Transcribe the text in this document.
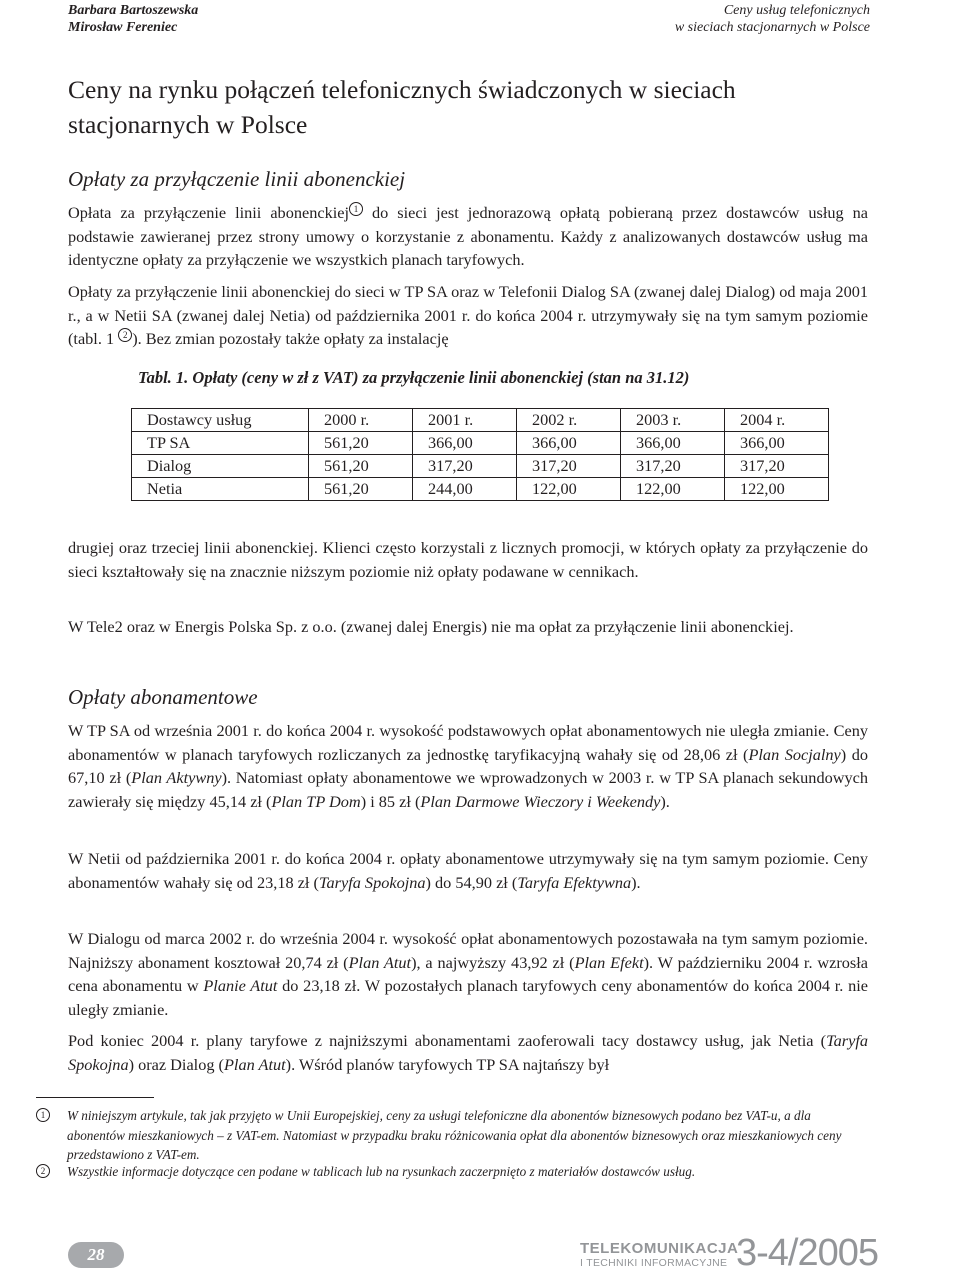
Barbara Bartoszewska
Mirosław Fereniec
Ceny usług telefonicznych
w sieciach stacjonarnych w Polsce
Ceny na rynku połączeń telefonicznych świadczonych w sieciach stacjonarnych w Polsce
Opłaty za przyłączenie linii abonenckiej

Opłata za przyłączenie linii abonenckiej 1 do sieci jest jednorazową opłatą pobieraną przez dostawców usług na podstawie zawieranej przez strony umowy o korzystanie z abonamentu. Każdy z analizowanych dostawców usług ma identyczne opłaty za przyłączenie we wszystkich planach taryfowych.

Opłaty za przyłączenie linii abonenckiej do sieci w TP SA oraz w Telefonii Dialog SA (zwanej dalej Dialog) od maja 2001 r., a w Netii SA (zwanej dalej Netia) od października 2001 r. do końca 2004 r. utrzymywały się na tym samym poziomie (tabl. 1 2 ). Bez zmian pozostały także opłaty za instalację

Tabl. 1. Opłaty (ceny w zł z VAT) za przyłączenie linii abonenckiej (stan na 31.12)
Dostawcy usług	2000 r.	2001 r.	2002 r.	2003 r.	2004 r.
TP SA	561,20	366,00	366,00	366,00	366,00
Dialog	561,20	317,20	317,20	317,20	317,20
Netia	561,20	244,00	122,00	122,00	122,00

drugiej oraz trzeciej linii abonenckiej. Klienci często korzystali z licznych promocji, w których opłaty za przyłączenie do sieci kształtowały się na znacznie niższym poziomie niż opłaty podawane w cennikach.

W Tele2 oraz w Energis Polska Sp. z o.o. (zwanej dalej Energis) nie ma opłat za przyłączenie linii abonenckiej.

Opłaty abonamentowe

W TP SA od września 2001 r. do końca 2004 r. wysokość podstawowych opłat abonamentowych nie uległa zmianie. Ceny abonamentów w planach taryfowych rozliczanych za jednostkę taryfikacyjną wahały się od 28,06 zł (Plan Socjalny) do 67,10 zł (Plan Aktywny). Natomiast opłaty abonamentowe we wprowadzonych w 2003 r. w TP SA planach sekundowych zawierały się między 45,14 zł (Plan TP Dom) i 85 zł (Plan Darmowe Wieczory i Weekendy).

W Netii od października 2001 r. do końca 2004 r. opłaty abonamentowe utrzymywały się na tym samym poziomie. Ceny abonamentów wahały się od 23,18 zł (Taryfa Spokojna) do 54,90 zł (Taryfa Efektywna).

W Dialogu od marca 2002 r. do września 2004 r. wysokość opłat abonamentowych pozostawała na tym samym poziomie. Najniższy abonament kosztował 20,74 zł (Plan Atut), a najwyższy 43,92 zł (Plan Efekt). W październiku 2004 r. wzrosła cena abonamentu w Planie Atut do 23,18 zł. W pozostałych planach taryfowych ceny abonamentów do końca 2004 r. nie uległy zmianie.

Pod koniec 2004 r. plany taryfowe z najniższymi abonamentami zaoferowali tacy dostawcy usług, jak Netia (Taryfa Spokojna) oraz Dialog (Plan Atut). Wśród planów taryfowych TP SA najtańszy był

1	W niniejszym artykule, tak jak przyjęto w Unii Europejskiej, ceny za usługi telefoniczne dla abonentów biznesowych podano bez VAT-u, a dla abonentów mieszkaniowych – z VAT-em. Natomiast w przypadku braku różnicowania opłat dla abonentów biznesowych oraz mieszkaniowych ceny przedstawiono z VAT-em.
2	Wszystkie informacje dotyczące cen podane w tablicach lub na rysunkach zaczerpnięto z materiałów dostawców usług.
28	TELEKOMUNIKACJA
I TECHNIKI INFORMACYJNE 3-4/2005
